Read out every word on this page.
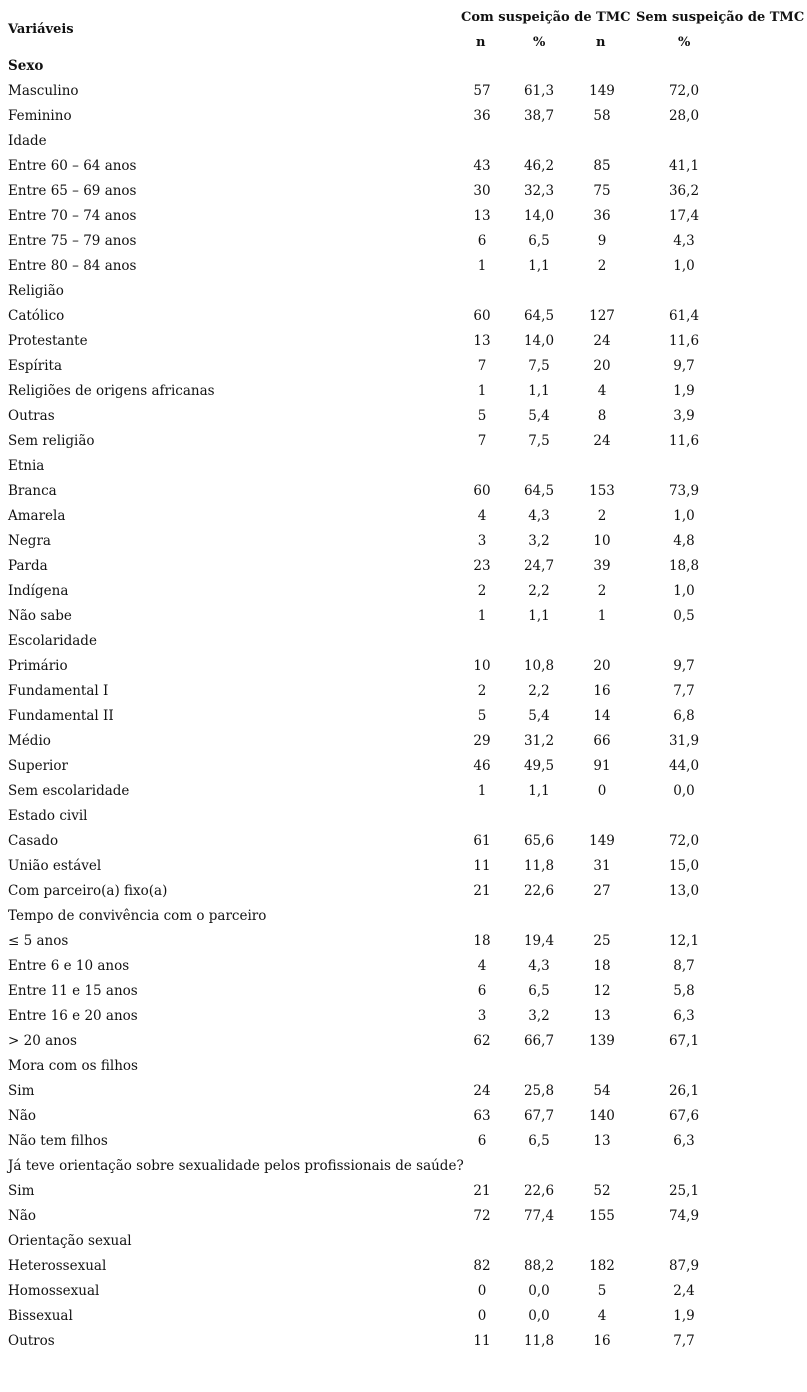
Variáveis
Com suspeição de TMC Sem suspeição de TMC
n	%	n	%
Sexo
Masculino	57	61,3	149	72,0
Feminino	36	38,7	58	28,0
Idade
Entre 60 – 64 anos	43	46,2	85	41,1
Entre 65 – 69 anos	30	32,3	75	36,2
Entre 70 – 74 anos	13	14,0	36	17,4
Entre 75 – 79 anos	6	6,5	9	4,3
Entre 80 – 84 anos	1	1,1	2	1,0
Religião
Católico	60	64,5	127	61,4
Protestante	13	14,0	24	11,6
Espírita	7	7,5	20	9,7
Religiões de origens africanas	1	1,1	4	1,9
Outras	5	5,4	8	3,9
Sem religião	7	7,5	24	11,6
Etnia
Branca	60	64,5	153	73,9
Amarela	4	4,3	2	1,0
Negra	3	3,2	10	4,8
Parda	23	24,7	39	18,8
Indígena	2	2,2	2	1,0
Não sabe	1	1,1	1	0,5
Escolaridade
Primário	10	10,8	20	9,7
Fundamental I	2	2,2	16	7,7
Fundamental II	5	5,4	14	6,8
Médio	29	31,2	66	31,9
Superior	46	49,5	91	44,0
Sem escolaridade	1	1,1	0	0,0
Estado civil
Casado	61	65,6	149	72,0
União estável	11	11,8	31	15,0
Com parceiro(a) fixo(a)	21	22,6	27	13,0
Tempo de convivência com o parceiro
≤ 5 anos	18	19,4	25	12,1
Entre 6 e 10 anos	4	4,3	18	8,7
Entre 11 e 15 anos	6	6,5	12	5,8
Entre 16 e 20 anos	3	3,2	13	6,3
> 20 anos	62	66,7	139	67,1
Mora com os filhos
Sim	24	25,8	54	26,1
Não	63	67,7	140	67,6
Não tem filhos	6	6,5	13	6,3
Já teve orientação sobre sexualidade pelos profissionais de saúde?
Sim	21	22,6	52	25,1
Não	72	77,4	155	74,9
Orientação sexual
Heterossexual	82	88,2	182	87,9
Homossexual	0	0,0	5	2,4
Bissexual	0	0,0	4	1,9
Outros	11	11,8	16	7,7
